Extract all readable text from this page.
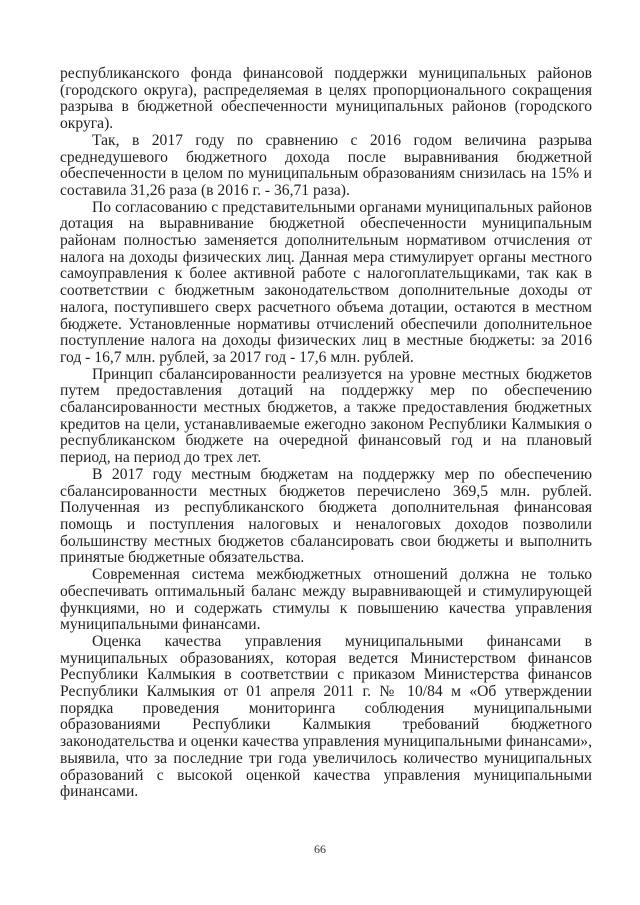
республиканского фонда финансовой поддержки муниципальных районов (городского округа), распределяемая в целях пропорционального сокращения разрыва в бюджетной обеспеченности муниципальных районов (городского округа).

Так, в 2017 году по сравнению с 2016 годом величина разрыва среднедушевого бюджетного дохода после выравнивания бюджетной обеспеченности в целом по муниципальным образованиям снизилась на 15% и составила 31,26 раза (в 2016 г. - 36,71 раза).

По согласованию с представительными органами муниципальных районов дотация на выравнивание бюджетной обеспеченности муниципальным районам полностью заменяется дополнительным нормативом отчисления от налога на доходы физических лиц. Данная мера стимулирует органы местного самоуправления к более активной работе с налогоплательщиками, так как в соответствии с бюджетным законодательством дополнительные доходы от налога, поступившего сверх расчетного объема дотации, остаются в местном бюджете. Установленные нормативы отчислений обеспечили дополнительное поступление налога на доходы физических лиц в местные бюджеты: за 2016 год - 16,7 млн. рублей, за 2017 год - 17,6 млн. рублей.

Принцип сбалансированности реализуется на уровне местных бюджетов путем предоставления дотаций на поддержку мер по обеспечению сбалансированности местных бюджетов, а также предоставления бюджетных кредитов на цели, устанавливаемые ежегодно законом Республики Калмыкия о республиканском бюджете на очередной финансовый год и на плановый период, на период до трех лет.

В 2017 году местным бюджетам на поддержку мер по обеспечению сбалансированности местных бюджетов перечислено 369,5 млн. рублей. Полученная из республиканского бюджета дополнительная финансовая помощь и поступления налоговых и неналоговых доходов позволили большинству местных бюджетов сбалансировать свои бюджеты и выполнить принятые бюджетные обязательства.

Современная система межбюджетных отношений должна не только обеспечивать оптимальный баланс между выравнивающей и стимулирующей функциями, но и содержать стимулы к повышению качества управления муниципальными финансами.

Оценка качества управления муниципальными финансами в муниципальных образованиях, которая ведется Министерством финансов Республики Калмыкия в соответствии с приказом Министерства финансов Республики Калмыкия от 01 апреля 2011 г. № 10/84 м «Об утверждении порядка проведения мониторинга соблюдения муниципальными образованиями Республики Калмыкия требований бюджетного законодательства и оценки качества управления муниципальными финансами», выявила, что за последние три года увеличилось количество муниципальных образований с высокой оценкой качества управления муниципальными финансами.

66
